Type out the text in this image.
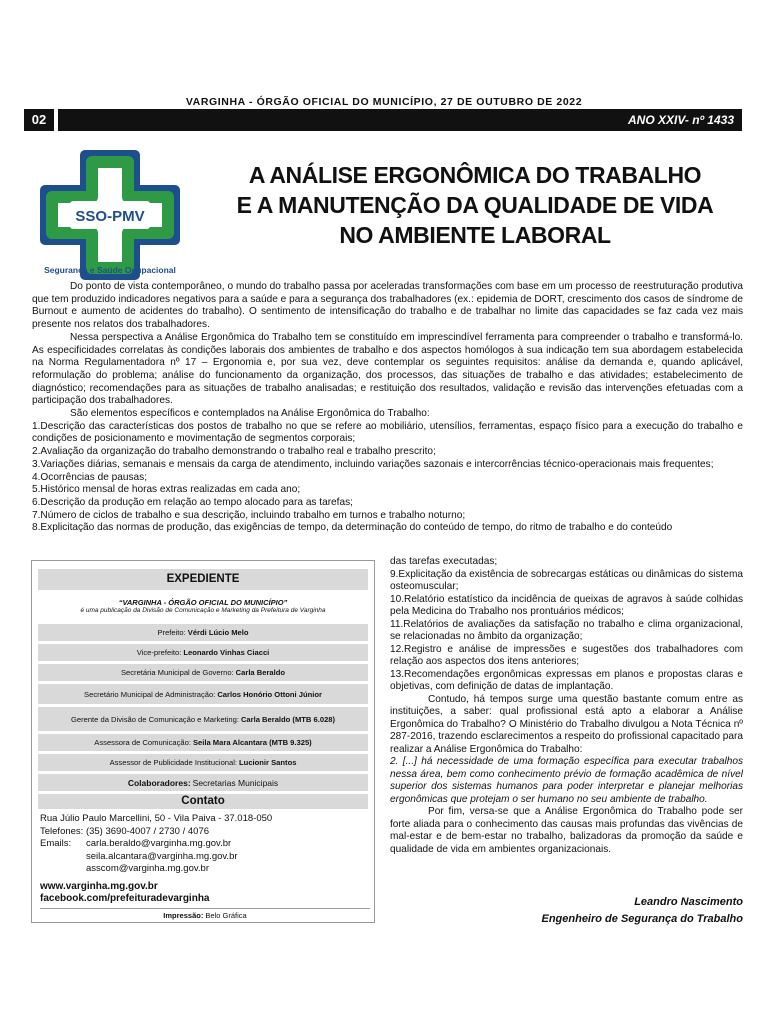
VARGINHA - ÓRGÃO OFICIAL DO MUNICÍPIO, 27 DE OUTUBRO DE 2022
02	ANO XXIV- nº 1433
SSO-PMV
Segurança e Saúde Ocupacional
A ANÁLISE ERGONÔMICA DO TRABALHO
E A MANUTENÇÃO DA QUALIDADE DE VIDA
NO AMBIENTE LABORAL

Do ponto de vista contemporâneo, o mundo do trabalho passa por aceleradas transformações com base em um processo de reestruturação produtiva que tem produzido indicadores negativos para a saúde e para a segurança dos trabalhadores (ex.: epidemia de DORT, crescimento dos casos de síndrome de Burnout e aumento de acidentes do trabalho). O sentimento de intensificação do trabalho e de trabalhar no limite das capacidades se faz cada vez mais presente nos relatos dos trabalhadores.

Nessa perspectiva a Análise Ergonômica do Trabalho tem se constituído em imprescindível ferramenta para compreender o trabalho e transformá-lo. As especificidades correlatas às condições laborais dos ambientes de trabalho e dos aspectos homólogos à sua indicação tem sua abordagem estabelecida na Norma Regulamentadora nº 17 – Ergonomia e, por sua vez, deve contemplar os seguintes requisitos: análise da demanda e, quando aplicável, reformulação do problema; análise do funcionamento da organização, dos processos, das situações de trabalho e das atividades; estabelecimento de diagnóstico; recomendações para as situações de trabalho analisadas; e restituição dos resultados, validação e revisão das intervenções efetuadas com a participação dos trabalhadores.

São elementos específicos e contemplados na Análise Ergonômica do Trabalho:

1.Descrição das características dos postos de trabalho no que se refere ao mobiliário, utensílios, ferramentas, espaço físico para a execução do trabalho e condições de posicionamento e movimentação de segmentos corporais;

2.Avaliação da organização do trabalho demonstrando o trabalho real e trabalho prescrito;

3.Variações diárias, semanais e mensais da carga de atendimento, incluindo variações sazonais e intercorrências técnico-operacionais mais frequentes;

4.Ocorrências de pausas;

5.Histórico mensal de horas extras realizadas em cada ano;

6.Descrição da produção em relação ao tempo alocado para as tarefas;

7.Número de ciclos de trabalho e sua descrição, incluindo trabalho em turnos e trabalho noturno;

8.Explicitação das normas de produção, das exigências de tempo, da determinação do conteúdo de tempo, do ritmo de trabalho e do conteúdo

das tarefas executadas;

9.Explicitação da existência de sobrecargas estáticas ou dinâmicas do sistema osteomuscular;

10.Relatório estatístico da incidência de queixas de agravos à saúde colhidas pela Medicina do Trabalho nos prontuários médicos;

11.Relatórios de avaliações da satisfação no trabalho e clima organizacional, se relacionadas no âmbito da organização;

12.Registro e análise de impressões e sugestões dos trabalhadores com relação aos aspectos dos itens anteriores;

13.Recomendações ergonômicas expressas em planos e propostas claras e objetivas, com definição de datas de implantação.

Contudo, há tempos surge uma questão bastante comum entre as instituições, a saber: qual profissional está apto a elaborar a Análise Ergonômica do Trabalho? O Ministério do Trabalho divulgou a Nota Técnica nº 287-2016, trazendo esclarecimentos a respeito do profissional capacitado para realizar a Análise Ergonômica do Trabalho:

2. [...] há necessidade de uma formação específica para executar trabalhos nessa área, bem como conhecimento prévio de formação acadêmica de nível superior dos sistemas humanos para poder interpretar e planejar melhorias ergonômicas que protejam o ser humano no seu ambiente de trabalho.

Por fim, versa-se que a Análise Ergonômica do Trabalho pode ser forte aliada para o conhecimento das causas mais profundas das vivências de mal-estar e de bem-estar no trabalho, balizadoras da promoção da saúde e qualidade de vida em ambientes organizacionais.

Leandro Nascimento
Engenheiro de Segurança do Trabalho
EXPEDIENTE
“VARGINHA - ÓRGÃO OFICIAL DO MUNICÍPIO”
é uma publicação da Divisão de Comunicação e Marketing da Prefeitura de Varginha
Prefeito: Vérdi Lúcio Melo
Vice-prefeito: Leonardo Vinhas Ciacci
Secretária Municipal de Governo: Carla Beraldo
Secretário Municipal de Administração: Carlos Honório Ottoni Júnior
Gerente da Divisão de Comunicação e Marketing: Carla Beraldo (MTB 6.028)
Assessora de Comunicação: Seila Mara Alcantara (MTB 9.325)
Assessor de Publicidade Institucional: Lucionir Santos
Colaboradores: Secretarias Municipais
Contato
Rua Júlio Paulo Marcellini, 50 - Vila Paiva - 37.018-050
Telefones: (35) 3690-4007 / 2730 / 4076
Emails:	carla.beraldo@varginha.mg.gov.br
seila.alcantara@varginha.mg.gov.br
asscom@varginha.mg.gov.br
www.varginha.mg.gov.br
facebook.com/prefeituradevarginha
Impressão: Belo Gráfica
